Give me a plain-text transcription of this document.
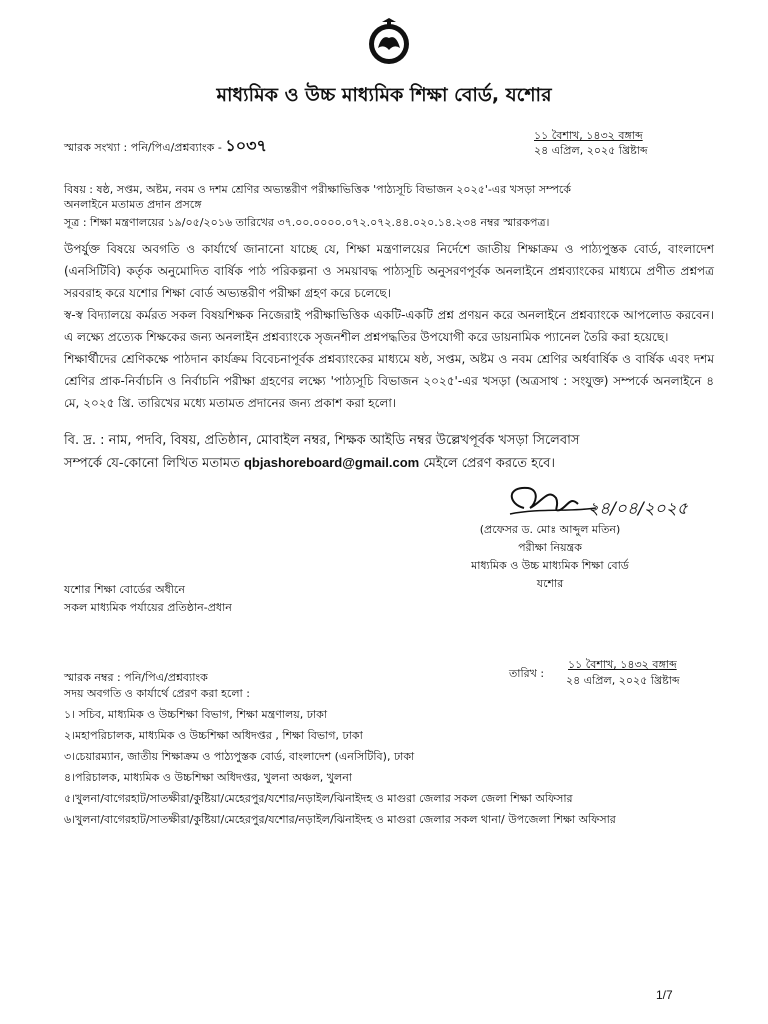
মাধ্যমিক ও উচ্চ মাধ্যমিক শিক্ষা বোর্ড, যশোর
স্মারক সংখ্যা : পনি/পিএ/প্রশ্নব্যাংক - ১০৩৭
১১ বৈশাখ, ১৪৩২ বঙ্গাব্দ
২৪ এপ্রিল, ২০২৫ খ্রিষ্টাব্দ
বিষয় : ষষ্ঠ, সপ্তম, অষ্টম, নবম ও দশম শ্রেণির অভ্যন্তরীণ পরীক্ষাভিত্তিক 'পাঠ্যসূচি বিভাজন ২০২৫'-এর খসড়া সম্পর্কে
অনলাইনে মতামত প্রদান প্রসঙ্গে
সূত্র : শিক্ষা মন্ত্রণালয়ের ১৯/০৫/২০১৬ তারিখের ৩৭.০০.০০০০.০৭২.০৭২.৪৪.০২০.১৪.২৩৪ নম্বর স্মারকপত্র।
উপর্যুক্ত বিষয়ে অবগতি ও কার্যার্থে জানানো যাচ্ছে যে, শিক্ষা মন্ত্রণালয়ের নির্দেশে জাতীয় শিক্ষাক্রম ও পাঠ্যপুস্তক বোর্ড, বাংলাদেশ (এনসিটিবি) কর্তৃক অনুমোদিত বার্ষিক পাঠ পরিকল্পনা ও সময়াবদ্ধ পাঠ্যসূচি অনুসরণপূর্বক অনলাইনে প্রশ্নব্যাংকের মাধ্যমে প্রণীত প্রশ্নপত্র সরবরাহ করে যশোর শিক্ষা বোর্ড অভ্যন্তরীণ পরীক্ষা গ্রহণ করে চলেছে।
স্ব-স্ব বিদ্যালয়ে কর্মরত সকল বিষয়শিক্ষক নিজেরাই পরীক্ষাভিত্তিক একটি-একটি প্রশ্ন প্রণয়ন করে অনলাইনে প্রশ্নব্যাংকে আপলোড করবেন। এ লক্ষ্যে প্রত্যেক শিক্ষকের জন্য অনলাইন প্রশ্নব্যাংকে সৃজনশীল প্রশ্নপদ্ধতির উপযোগী করে ডায়নামিক প্যানেল তৈরি করা হয়েছে।
শিক্ষার্থীদের শ্রেণিকক্ষে পাঠদান কার্যক্রম বিবেচনাপূর্বক প্রশ্নব্যাংকের মাধ্যমে ষষ্ঠ, সপ্তম, অষ্টম ও নবম শ্রেণির অর্ধবার্ষিক ও বার্ষিক এবং দশম শ্রেণির প্রাক-নির্বাচনি ও নির্বাচনি পরীক্ষা গ্রহণের লক্ষ্যে 'পাঠ্যসূচি বিভাজন ২০২৫'-এর খসড়া (অত্রসাথ : সংযুক্ত) সম্পর্কে অনলাইনে ৪ মে, ২০২৫ খ্রি. তারিখের মধ্যে মতামত প্রদানের জন্য প্রকাশ করা হলো।
বি. দ্র. : নাম, পদবি, বিষয়, প্রতিষ্ঠান, মোবাইল নম্বর, শিক্ষক আইডি নম্বর উল্লেখপূর্বক খসড়া সিলেবাস
সম্পর্কে যে-কোনো লিখিত মতামত qbjashoreboard@gmail.com মেইলে প্রেরণ করতে হবে।
২৪/০৪/২০২৫
(প্রফেসর ড. মোঃ আব্দুল মতিন)
পরীক্ষা নিয়ন্ত্রক
মাধ্যমিক ও উচ্চ মাধ্যমিক শিক্ষা বোর্ড
যশোর
যশোর শিক্ষা বোর্ডের অধীনে
সকল মাধ্যমিক পর্যায়ের প্রতিষ্ঠান-প্রধান
স্মারক নম্বর : পনি/পিএ/প্রশ্নব্যাংক	তারিখ :
১১ বৈশাখ, ১৪৩২ বঙ্গাব্দ
২৪ এপ্রিল, ২০২৫ খ্রিষ্টাব্দ
সদয় অবগতি ও কার্যার্থে প্রেরণ করা হলো :
১। সচিব, মাধ্যমিক ও উচ্চশিক্ষা বিভাগ, শিক্ষা মন্ত্রণালয়, ঢাকা
২।মহাপরিচালক, মাধ্যমিক ও উচ্চশিক্ষা অধিদপ্তর , শিক্ষা বিভাগ, ঢাকা
৩।চেয়ারম্যান, জাতীয় শিক্ষাক্রম ও পাঠ্যপুস্তক বোর্ড, বাংলাদেশ (এনসিটিবি), ঢাকা
৪।পরিচালক, মাধ্যমিক ও উচ্চশিক্ষা অধিদপ্তর, খুলনা অঞ্চল, খুলনা
৫।খুলনা/বাগেরহাট/সাতক্ষীরা/কুষ্টিয়া/মেহেরপুর/যশোর/নড়াইল/ঝিনাইদহ ও মাগুরা জেলার সকল জেলা শিক্ষা অফিসার
৬।খুলনা/বাগেরহাট/সাতক্ষীরা/কুষ্টিয়া/মেহেরপুর/যশোর/নড়াইল/ঝিনাইদহ ও মাগুরা জেলার সকল থানা/ উপজেলা শিক্ষা অফিসার
1/7
